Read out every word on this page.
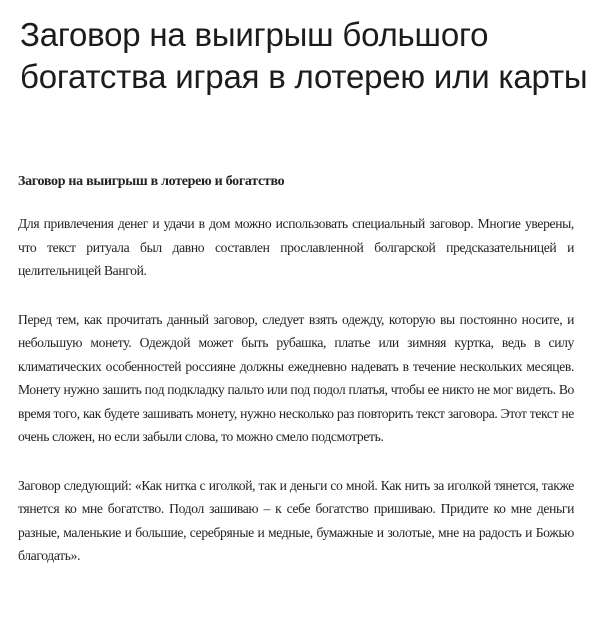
Заговор на выигрыш большого богатства играя в лотерею или карты
Заговор на выигрыш в лотерею и богатство

Для привлечения денег и удачи в дом можно использовать специальный заговор. Многие уверены, что текст ритуала был давно составлен прославленной болгарской предсказательницей и целительницей Вангой.

Перед тем, как прочитать данный заговор, следует взять одежду, которую вы постоянно носите, и небольшую монету. Одеждой может быть рубашка, платье или зимняя куртка, ведь в силу климатических особенностей россияне должны ежедневно надевать в течение нескольких месяцев. Монету нужно зашить под подкладку пальто или под подол платья, чтобы ее никто не мог видеть. Во время того, как будете зашивать монету, нужно несколько раз повторить текст заговора. Этот текст не очень сложен, но если забыли слова, то можно смело подсмотреть.

Заговор следующий: «Как нитка с иголкой, так и деньги со мной. Как нить за иголкой тянется, также тянется ко мне богатство. Подол зашиваю – к себе богатство пришиваю. Придите ко мне деньги разные, маленькие и большие, серебряные и медные, бумажные и золотые, мне на радость и Божью благодать».
